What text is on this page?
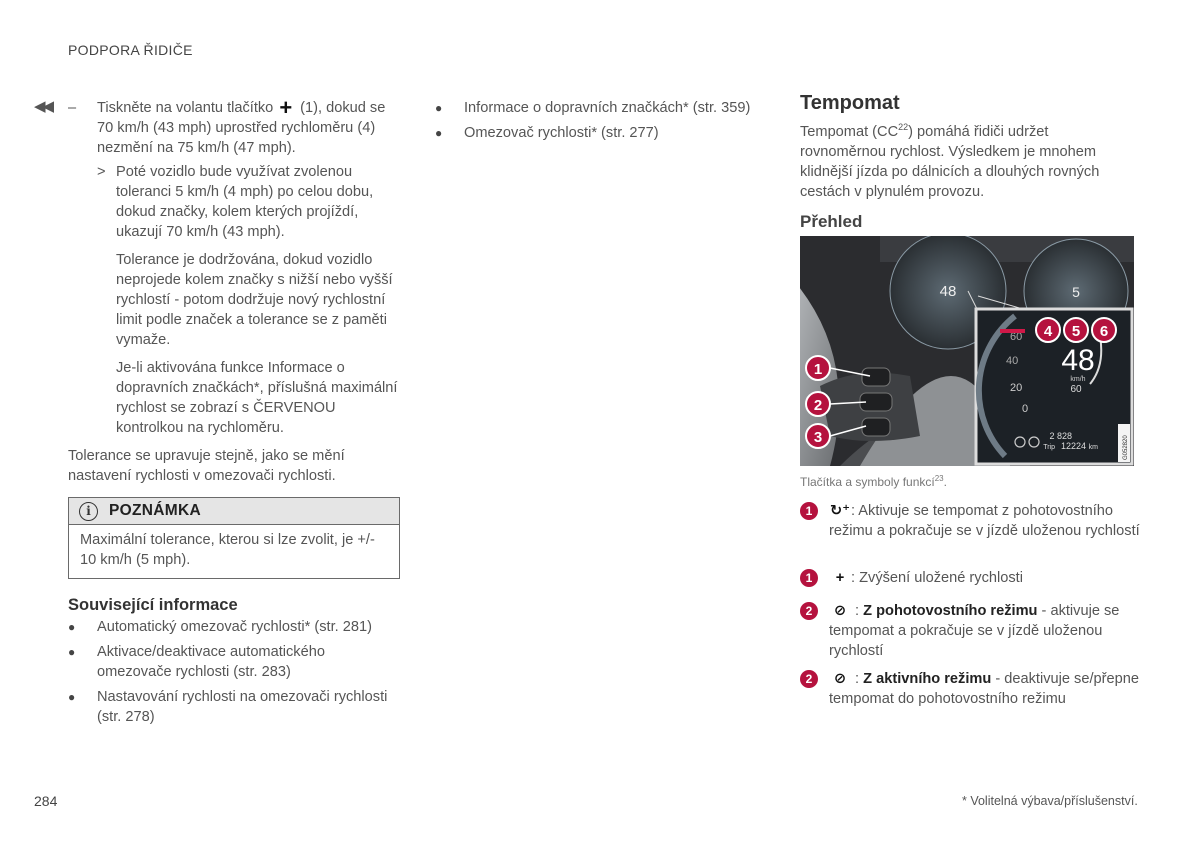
PODPORA ŘIDIČE
284	* Volitelná výbava/příslušenství.
◀◀ – Tiskněte na volantu tlačítko + (1), dokud se 70 km/h (43 mph) uprostřed rychloměru (4) nezmění na 75 km/h (47 mph).
> Poté vozidlo bude využívat zvolenou toleranci 5 km/h (4 mph) po celou dobu, dokud značky, kolem kterých projíždí, ukazují 70 km/h (43 mph).

Tolerance je dodržována, dokud vozidlo neprojede kolem značky s nižší nebo vyšší rychlostí - potom dodržuje nový rychlostní limit podle značek a tolerance se z paměti vymaže.

Je-li aktivována funkce Informace o dopravních značkách*, příslušná maximální rychlost se zobrazí s ČERVENOU kontrolkou na rychloměru.

Tolerance se upravuje stejně, jako se mění nastavení rychlosti v omezovači rychlosti.

i	POZNÁMKA
Maximální tolerance, kterou si lze zvolit, je +/- 10 km/h (5 mph).
Související informace
● Automatický omezovač rychlosti* (str. 281)
● Aktivace/deaktivace automatického omezovače rychlosti (str. 283)
● Nastavování rychlosti na omezovači rychlosti (str. 278)
● Informace o dopravních značkách* (str. 359)
● Omezovač rychlosti* (str. 277)
Tempomat
Tempomat (CC$^{22}$) pomáhá řidiči udržet rovnoměrnou rychlost. Výsledkem je mnohem klidnější jízda po dálnicích a dlouhých rovných cestách v plynulém provozu.
Přehled
48	5
60
40
20
0
48
km/h
60
2 828
Trip 12224 km	G052820
1
2
3
4 5 6
Tlačítka a symboly funkcí$^{23}$.
1	↻⁺: Aktivuje se tempomat z pohotovostního režimu a pokračuje se v jízdě uloženou rychlostí
1	+ : Zvýšení uložené rychlosti
2	⊘ : Z pohotovostního režimu - aktivuje se tempomat a pokračuje se v jízdě uloženou rychlostí
2	⊘ : Z aktivního režimu - deaktivuje se/přepne tempomat do pohotovostního režimu
